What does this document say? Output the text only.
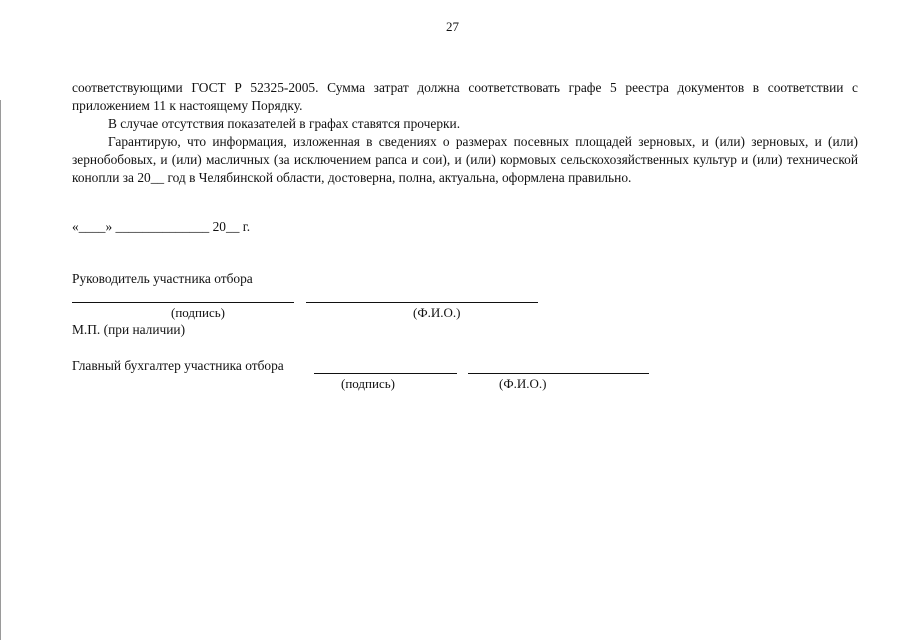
27

соответствующими ГОСТ Р 52325-2005. Сумма затрат должна соответствовать графе 5 реестра документов в соответствии с приложением 11 к настоящему Порядку.

В случае отсутствия показателей в графах ставятся прочерки.

Гарантирую, что информация, изложенная в сведениях о размерах посевных площадей зерновых, и (или) зерновых, и (или) зернобобовых, и (или) масличных (за исключением рапса и сои), и (или) кормовых сельскохозяйственных культур и (или) технической конопли за 20__ год в Челябинской области, достоверна, полна, актуальна, оформлена правильно.

«____» ______________ 20__ г.
Руководитель участника отбора
(подпись)	(Ф.И.О.)
М.П. (при наличии)
Главный бухгалтер участника отбора
(подпись)	(Ф.И.О.)
